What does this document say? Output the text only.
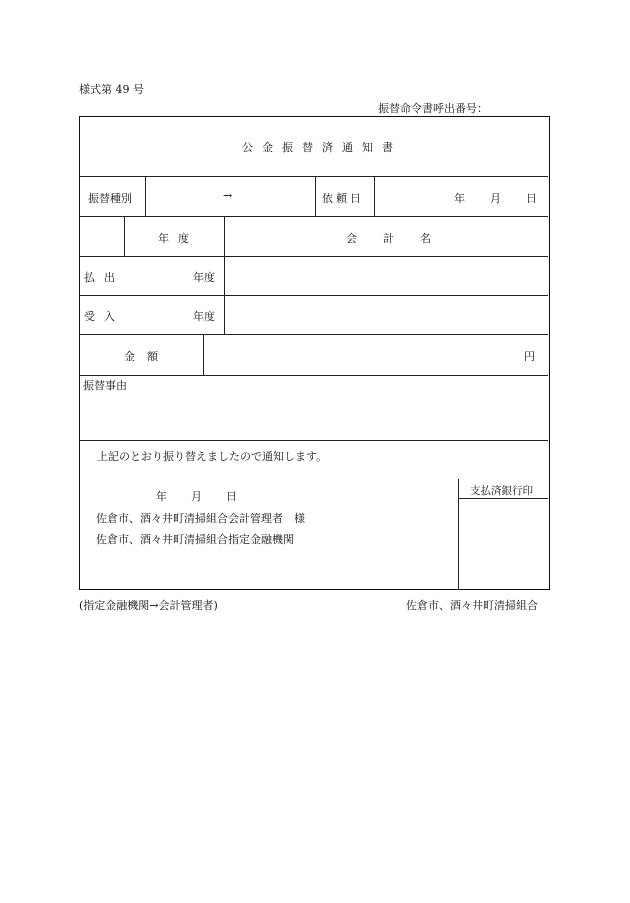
様式第 49 号
振替命令書呼出番号：
公金振替済通知書
振替種別	→	依頼日	年 月 日
年度	会計名
払出	年度
受入	年度
金額	円
振替事由
上記のとおり振り替えましたので通知します。
年 月 日
佐倉市、酒々井町清掃組合会計管理者　様
佐倉市、酒々井町清掃組合指定金融機関
支払済銀行印
(指定金融機関→会計管理者)	佐倉市、酒々井町清掃組合
